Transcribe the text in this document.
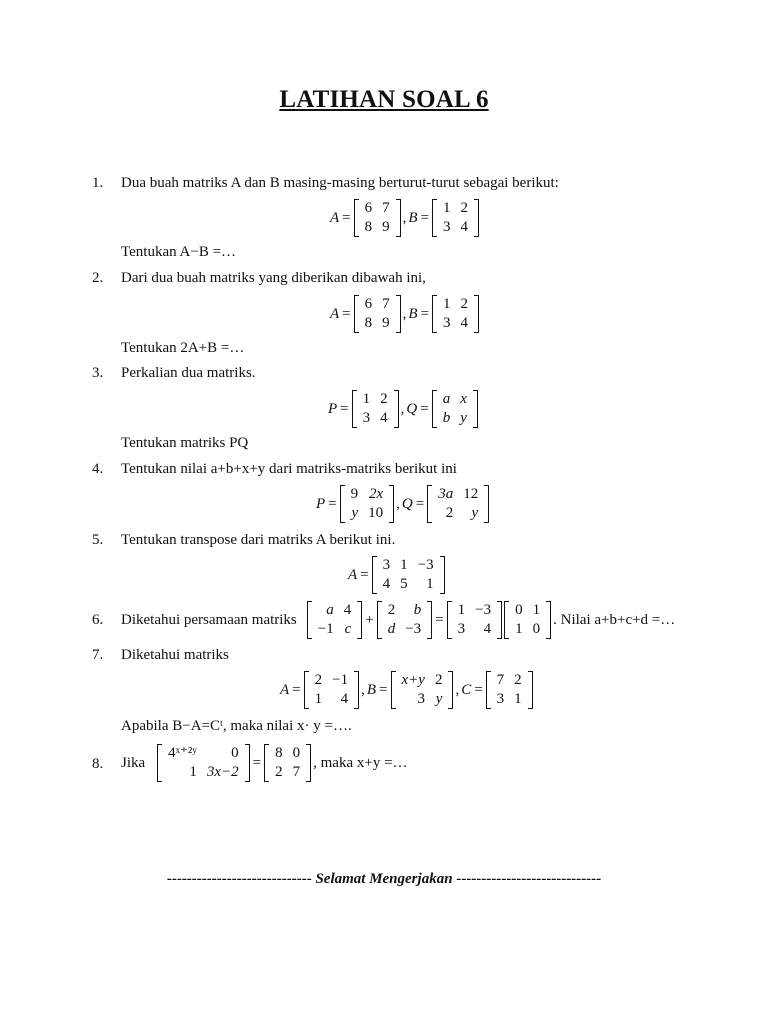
LATIHAN SOAL 6
1. Dua buah matriks A dan B masing-masing berturut-turut sebagai berikut:
A =
6	7
8	9
, B =
1	2
3	4
Tentukan A−B =…
2. Dari dua buah matriks yang diberikan dibawah ini,
A =
6	7
8	9
, B =
1	2
3	4
Tentukan 2A+B =…
3. Perkalian dua matriks.
P =
1	2
3	4
, Q =
a	x
b	y
Tentukan matriks PQ
4. Tentukan nilai a+b+x+y dari matriks-matriks berikut ini
P =
9	2x
y	10
, Q =
3a	12
2	y
5. Tentukan transpose dari matriks A berikut ini.
A =
3	1	−3
4	5	1
6. Diketahui persamaan matriks
a	4
−1	c
+
2	b
d	−3
=
1	−3
3	4
0	1
1	0
. Nilai a+b+c+d =…
7. Diketahui matriks
A =
2	−1
1	4
, B =
x+y	2
3	y
, C =
7	2
3	1
Apabila B−A=Cᵗ, maka nilai x· y =….
8. Jika
4ˣ⁺²ʸ	0
1	3x−2
=
8	0
2	7
, maka x+y =…
----------------------------- Selamat Mengerjakan -----------------------------
